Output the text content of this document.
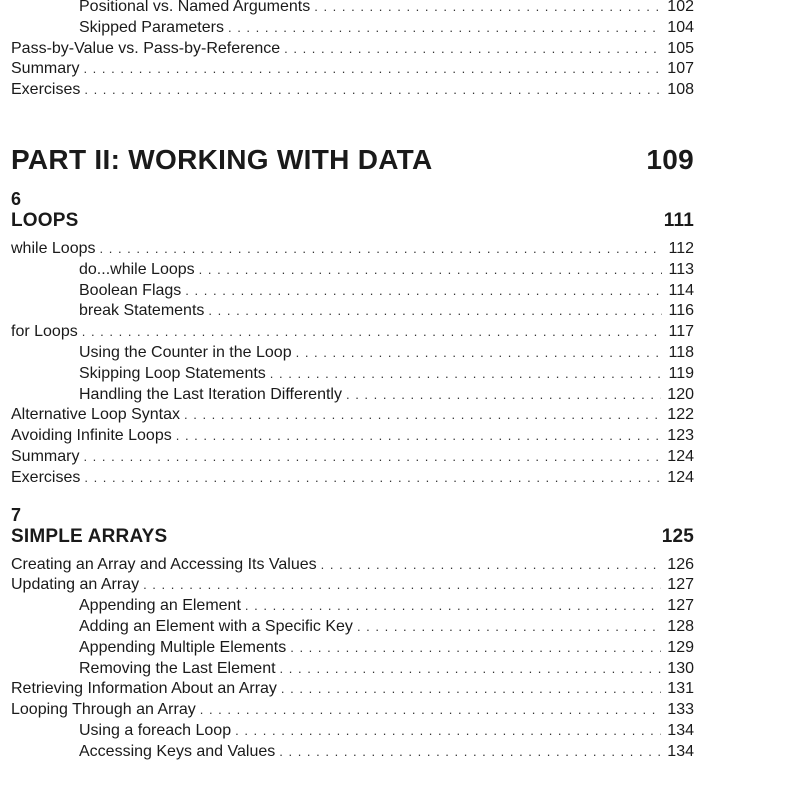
Positional vs. Named Arguments . . .	102
Skipped Parameters . . .	104
Pass-by-Value vs. Pass-by-Reference . . .	105
Summary . . .	107
Exercises . . .	108
PART II: WORKING WITH DATA	109
6
LOOPS	111
while Loops . . .	112
do...while Loops . . .	113
Boolean Flags . . .	114
break Statements . . .	116
for Loops . . .	117
Using the Counter in the Loop . . .	118
Skipping Loop Statements . . .	119
Handling the Last Iteration Differently . . .	120
Alternative Loop Syntax . . .	122
Avoiding Infinite Loops . . .	123
Summary . . .	124
Exercises . . .	124
7
SIMPLE ARRAYS	125
Creating an Array and Accessing Its Values . . .	126
Updating an Array . . .	127
Appending an Element . . .	127
Adding an Element with a Specific Key . . .	128
Appending Multiple Elements . . .	129
Removing the Last Element . . .	130
Retrieving Information About an Array . . .	131
Looping Through an Array . . .	133
Using a foreach Loop . . .	134
Accessing Keys and Values . . .	134
